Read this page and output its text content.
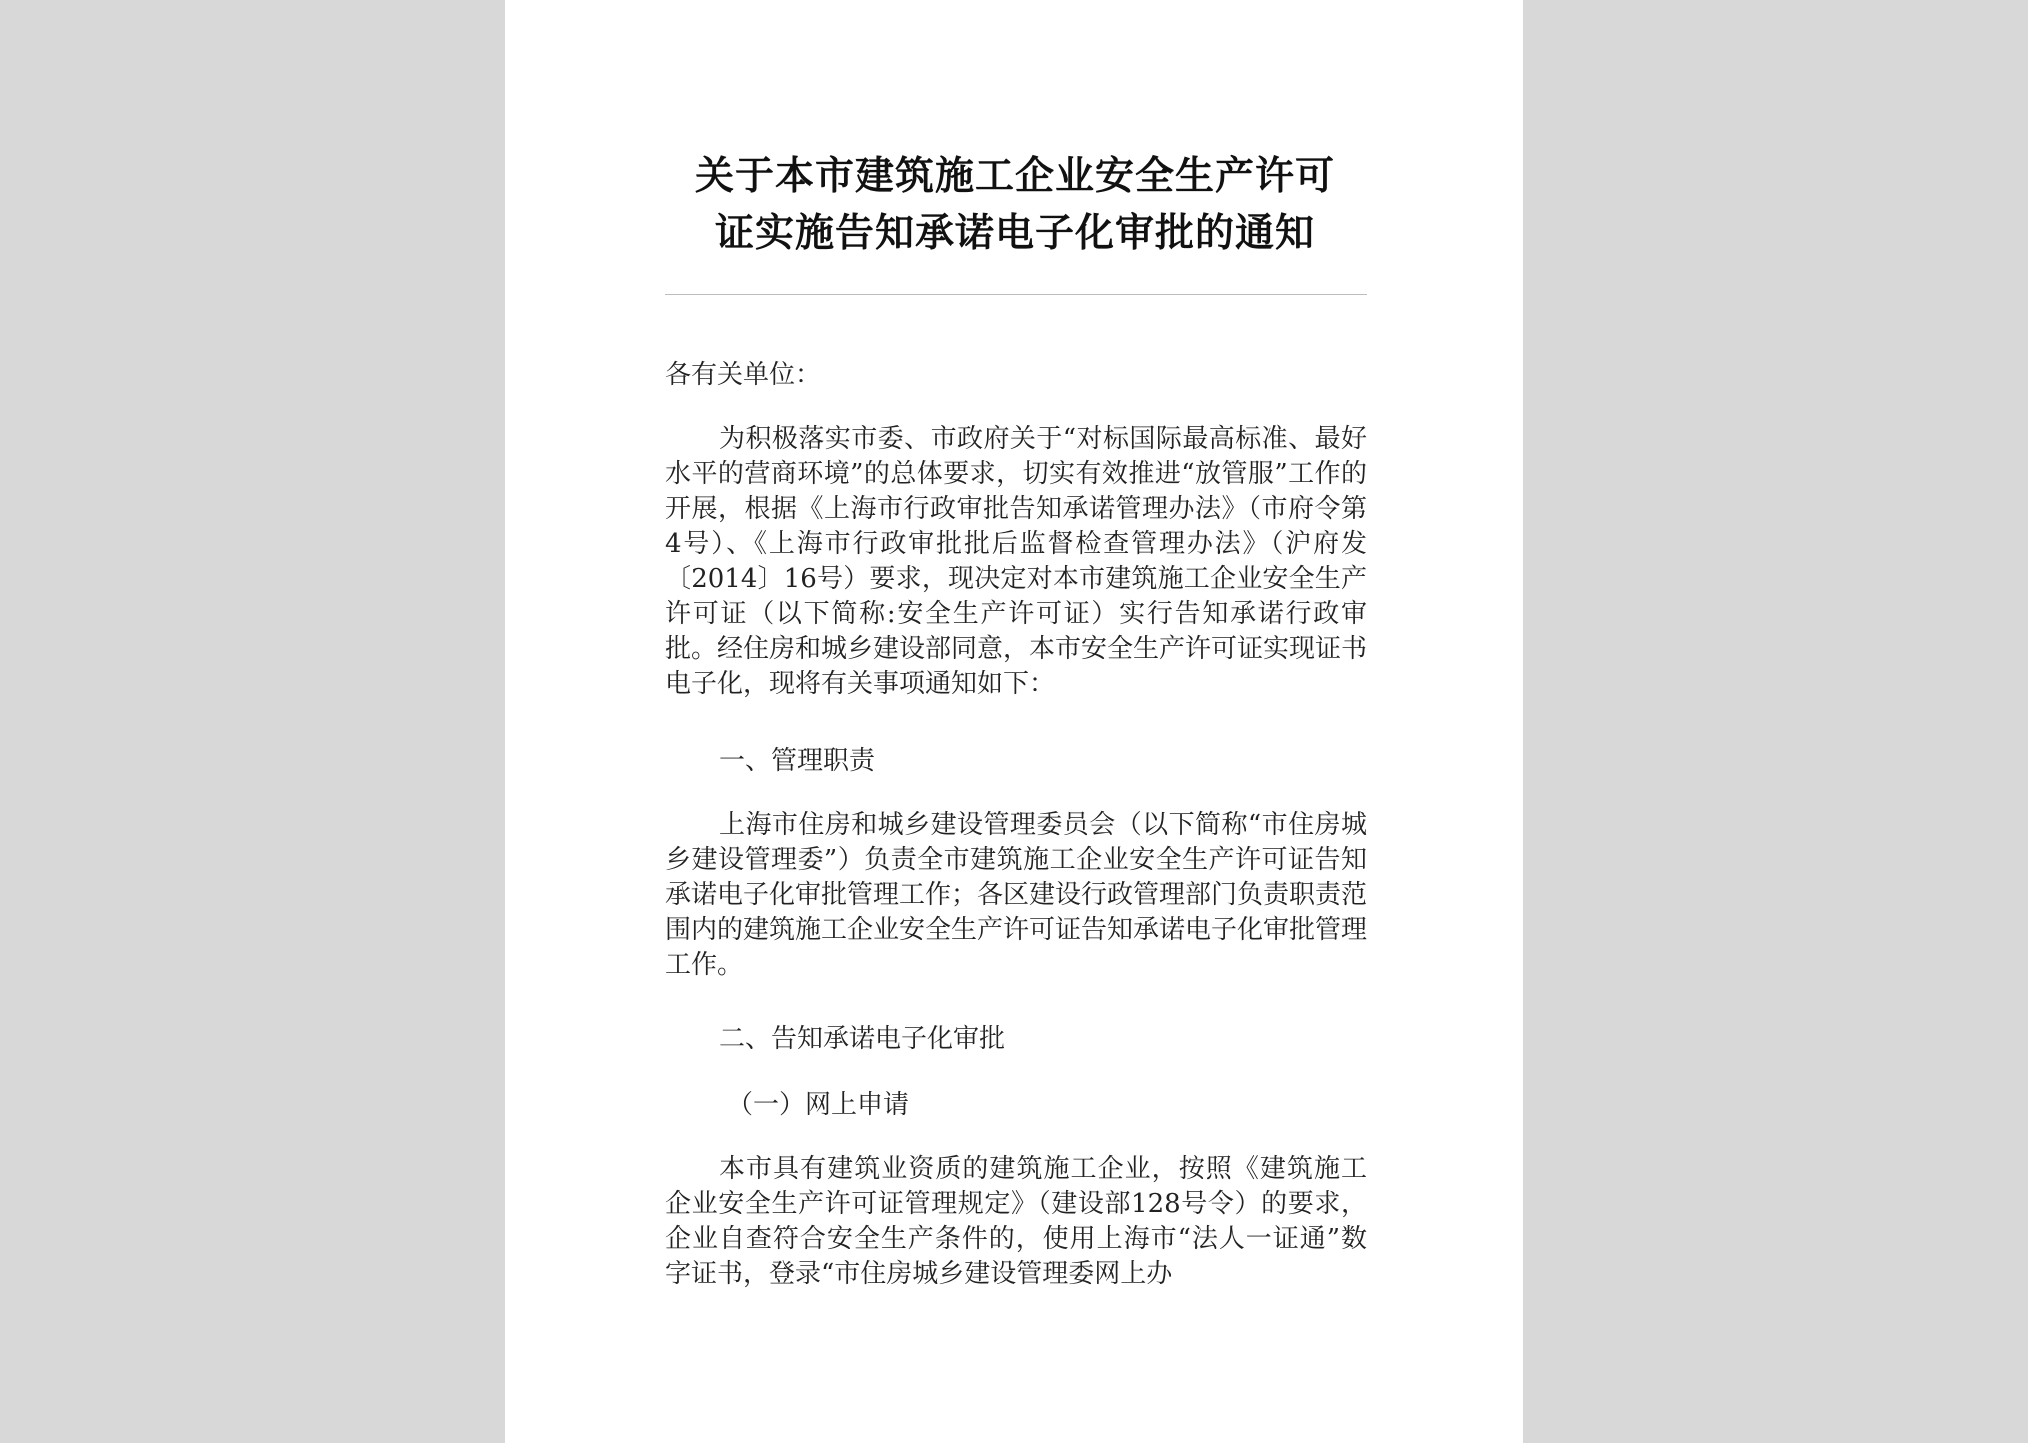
关于本市建筑施工企业安全生产许可
证实施告知承诺电子化审批的通知

各有关单位：

为积极落实市委、市政府关于“对标国际最高标准、最好水平的营商环境”的总体要求，切实有效推进“放管服”工作的开展，根据《上海市行政审批告知承诺管理办法》（市府令第4号）、《上海市行政审批批后监督检查管理办法》（沪府发〔2014〕16号）要求，现决定对本市建筑施工企业安全生产许可证（以下简称:安全生产许可证）实行告知承诺行政审批。经住房和城乡建设部同意，本市安全生产许可证实现证书电子化，现将有关事项通知如下：

一、管理职责

上海市住房和城乡建设管理委员会（以下简称“市住房城乡建设管理委”）负责全市建筑施工企业安全生产许可证告知承诺电子化审批管理工作；各区建设行政管理部门负责职责范围内的建筑施工企业安全生产许可证告知承诺电子化审批管理工作。

二、告知承诺电子化审批

（一）网上申请

本市具有建筑业资质的建筑施工企业，按照《建筑施工企业安全生产许可证管理规定》（建设部128号令）的要求，企业自查符合安全生产条件的，使用上海市“法人一证通”数字证书，登录“市住房城乡建设管理委网上办
